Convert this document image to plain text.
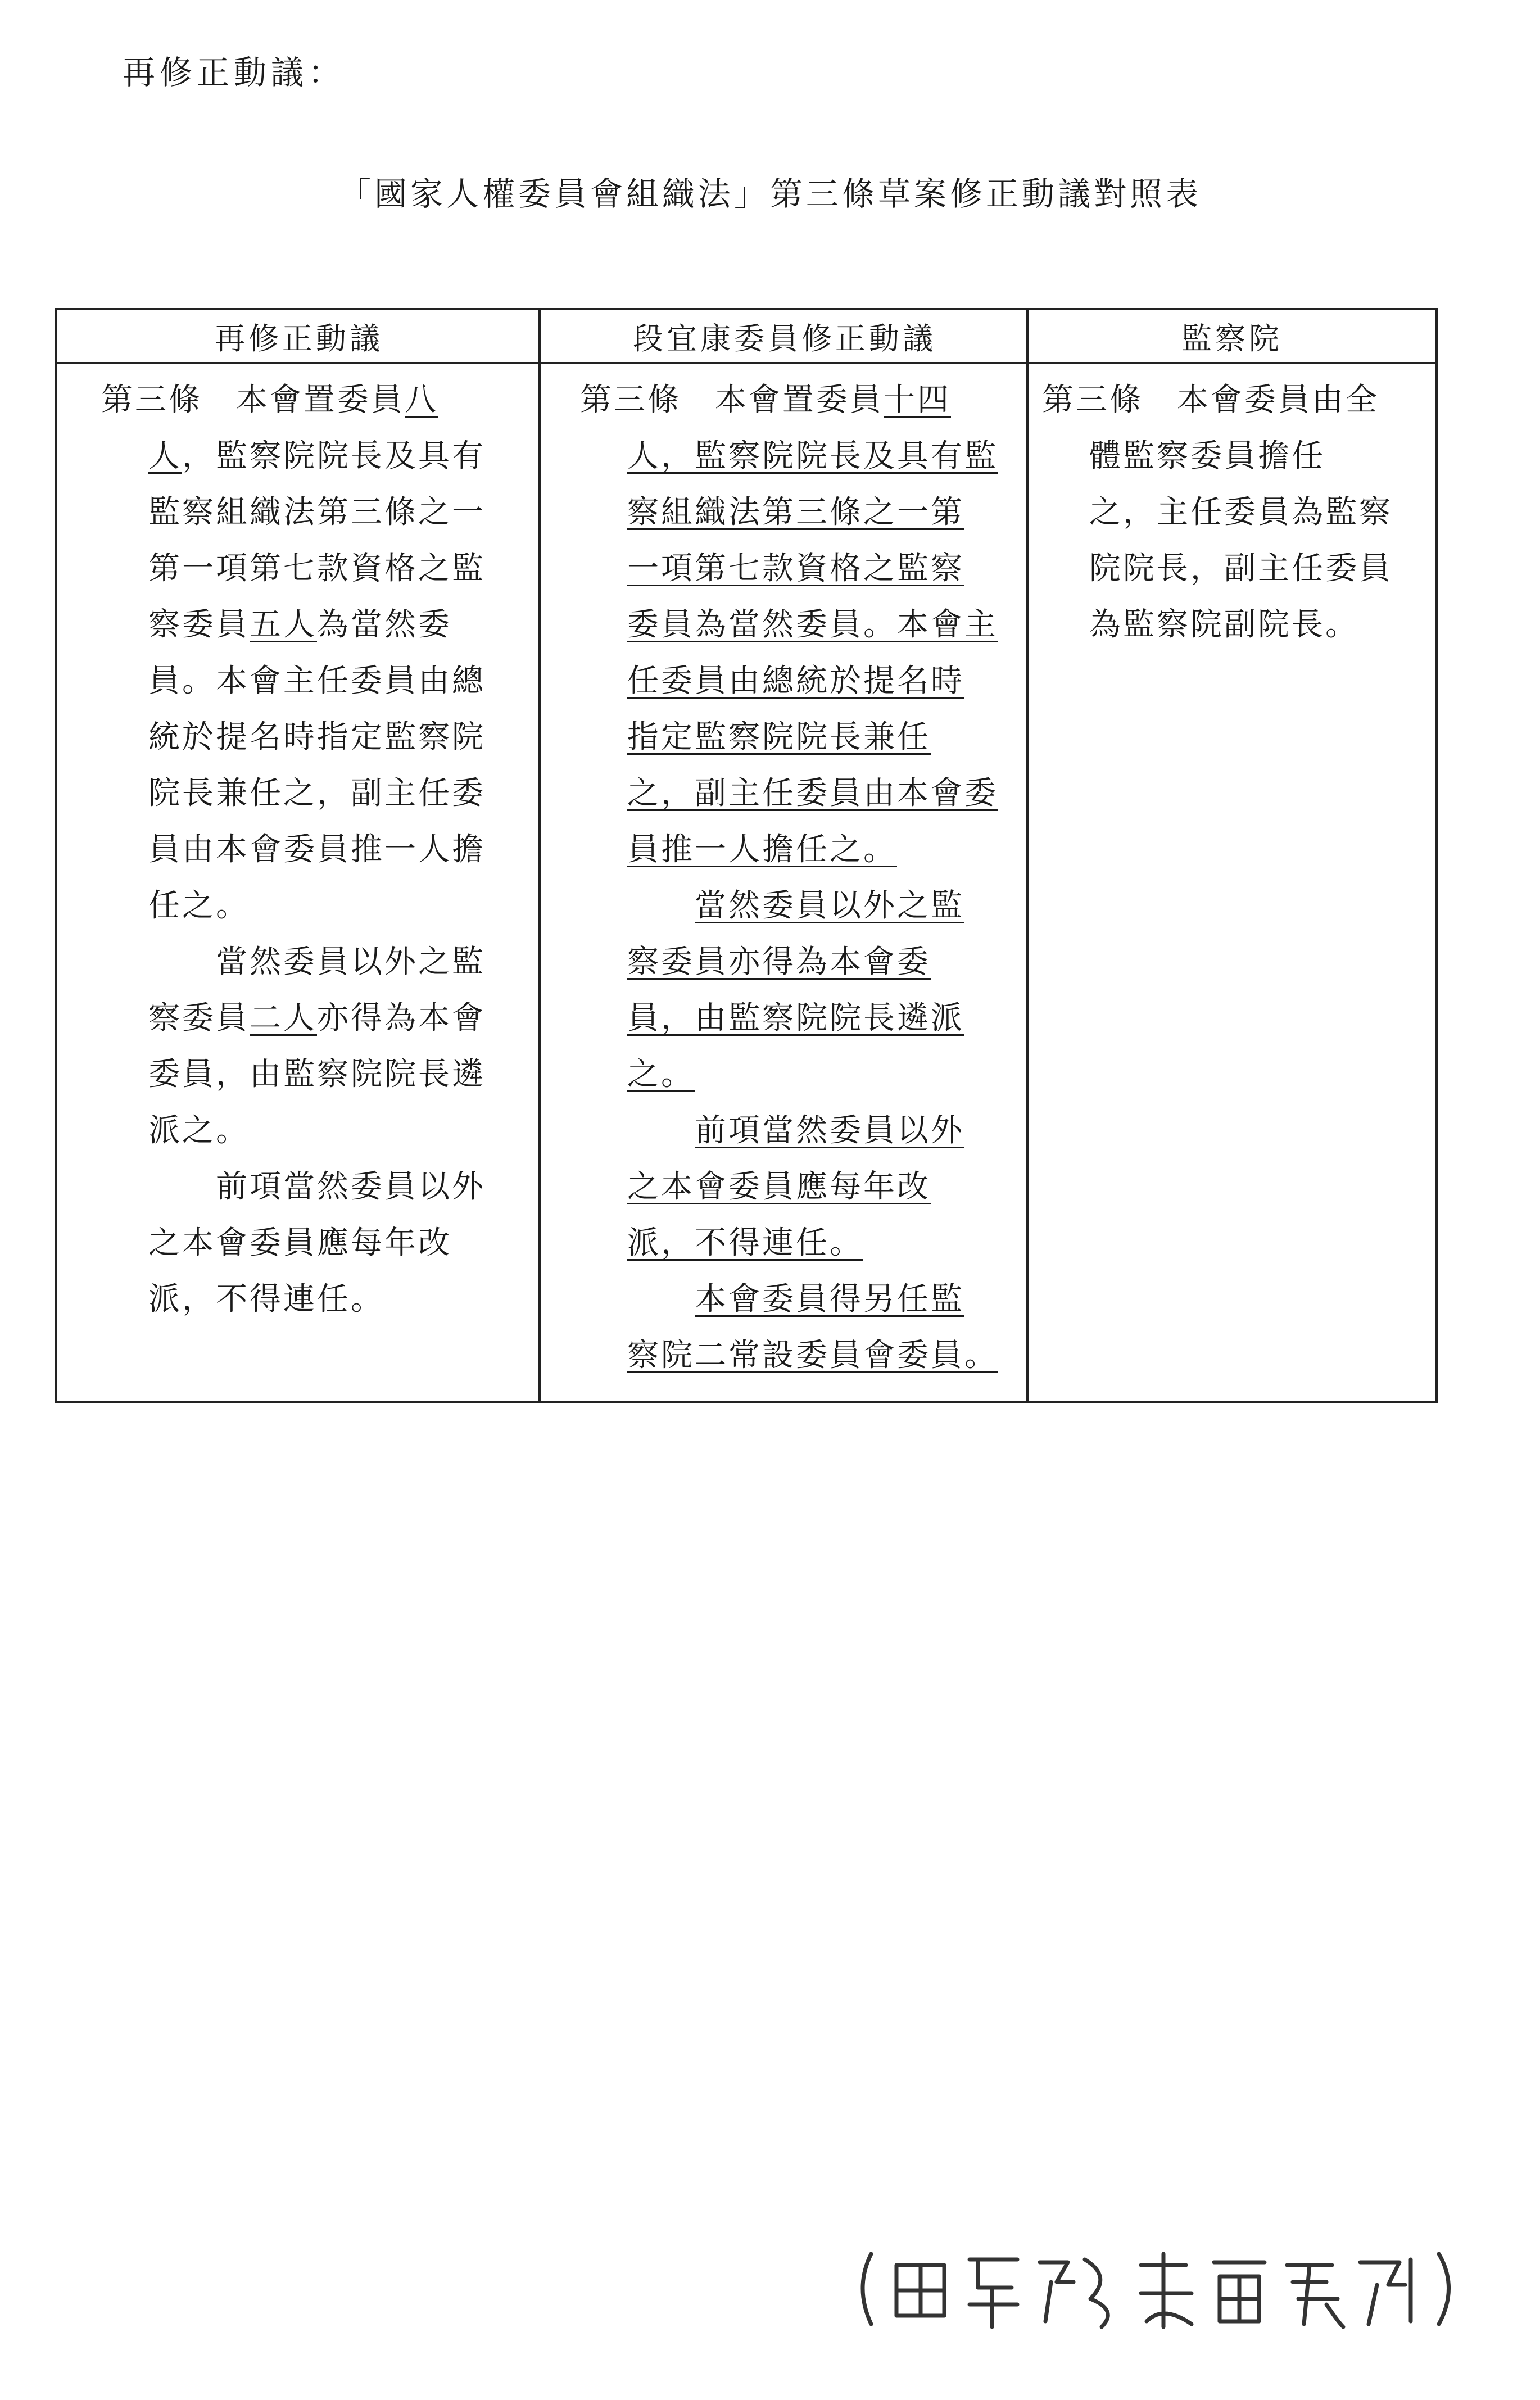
再修正動議：
「國家人權委員會組織法」第三條草案修正動議對照表
再修正動議	段宜康委員修正動議	監察院
第三條　本會置委員八
人，監察院院長及具有
監察組織法第三條之一
第一項第七款資格之監
察委員五人為當然委
員。本會主任委員由總
統於提名時指定監察院
院長兼任之，副主任委
員由本會委員推一人擔
任之。
當然委員以外之監
察委員二人亦得為本會
委員，由監察院院長遴
派之。
前項當然委員以外
之本會委員應每年改
派，不得連任。
第三條　本會置委員十四
人，監察院院長及具有監
察組織法第三條之一第
一項第七款資格之監察
委員為當然委員。本會主
任委員由總統於提名時
指定監察院院長兼任
之，副主任委員由本會委
員推一人擔任之。
當然委員以外之監
察委員亦得為本會委
員，由監察院院長遴派
之。
前項當然委員以外
之本會委員應每年改
派，不得連任。
本會委員得另任監
察院二常設委員會委員。
第三條　本會委員由全
體監察委員擔任
之，主任委員為監察
院院長，副主任委員
為監察院副院長。
